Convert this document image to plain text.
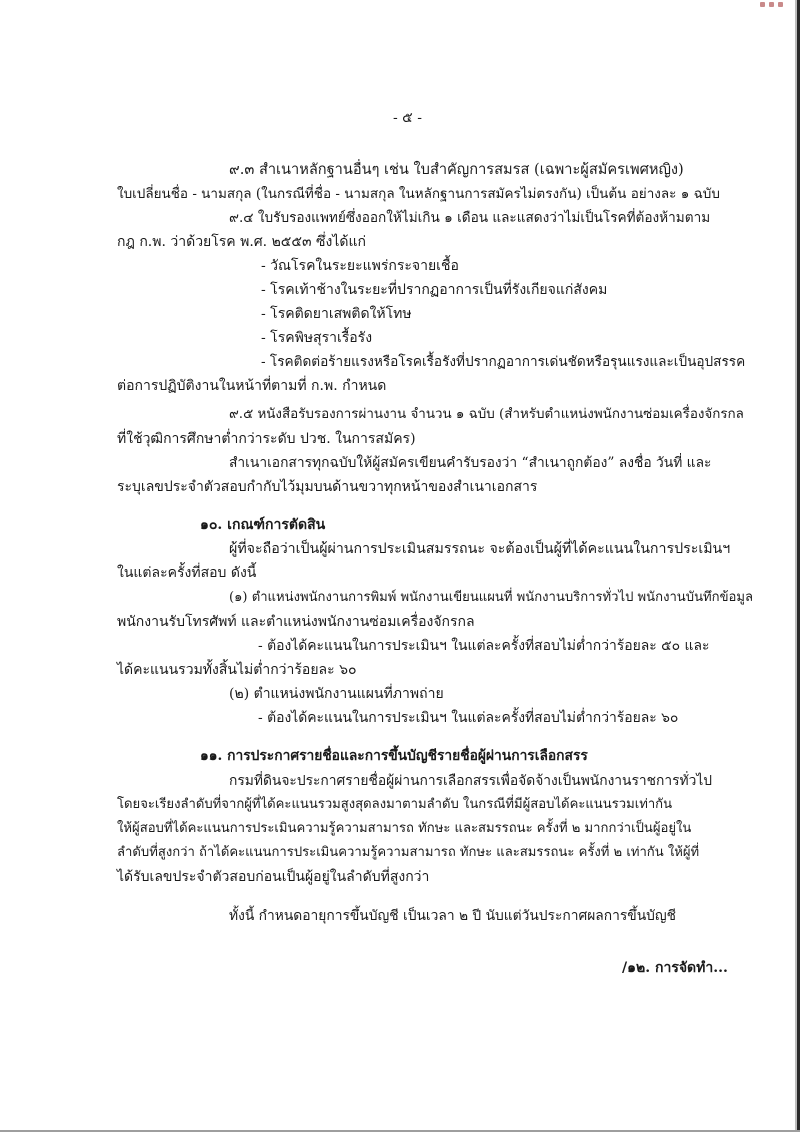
- ๕ -
๙.๓ สำเนาหลักฐานอื่นๆ เช่น ใบสำคัญการสมรส (เฉพาะผู้สมัครเพศหญิง)
ใบเปลี่ยนชื่อ - นามสกุล (ในกรณีที่ชื่อ - นามสกุล ในหลักฐานการสมัครไม่ตรงกัน) เป็นต้น อย่างละ ๑ ฉบับ
๙.๔ ใบรับรองแพทย์ซึ่งออกให้ไม่เกิน ๑ เดือน และแสดงว่าไม่เป็นโรคที่ต้องห้ามตาม
กฎ ก.พ. ว่าด้วยโรค พ.ศ. ๒๕๕๓ ซึ่งได้แก่
- วัณโรคในระยะแพร่กระจายเชื้อ
- โรคเท้าช้างในระยะที่ปรากฏอาการเป็นที่รังเกียจแก่สังคม
- โรคติดยาเสพติดให้โทษ
- โรคพิษสุราเรื้อรัง
- โรคติดต่อร้ายแรงหรือโรคเรื้อรังที่ปรากฏอาการเด่นชัดหรือรุนแรงและเป็นอุปสรรค
ต่อการปฏิบัติงานในหน้าที่ตามที่ ก.พ. กำหนด
๙.๕ หนังสือรับรองการผ่านงาน จำนวน ๑ ฉบับ (สำหรับตำแหน่งพนักงานซ่อมเครื่องจักรกล
ที่ใช้วุฒิการศึกษาต่ำกว่าระดับ ปวช. ในการสมัคร)
สำเนาเอกสารทุกฉบับให้ผู้สมัครเขียนคำรับรองว่า “สำเนาถูกต้อง” ลงชื่อ วันที่ และ
ระบุเลขประจำตัวสอบกำกับไว้มุมบนด้านขวาทุกหน้าของสำเนาเอกสาร
๑๐. เกณฑ์การตัดสิน
ผู้ที่จะถือว่าเป็นผู้ผ่านการประเมินสมรรถนะ จะต้องเป็นผู้ที่ได้คะแนนในการประเมินฯ
ในแต่ละครั้งที่สอบ ดังนี้
(๑) ตำแหน่งพนักงานการพิมพ์ พนักงานเขียนแผนที่ พนักงานบริการทั่วไป พนักงานบันทึกข้อมูล
พนักงานรับโทรศัพท์ และตำแหน่งพนักงานซ่อมเครื่องจักรกล
- ต้องได้คะแนนในการประเมินฯ ในแต่ละครั้งที่สอบไม่ต่ำกว่าร้อยละ ๕๐ และ
ได้คะแนนรวมทั้งสิ้นไม่ต่ำกว่าร้อยละ ๖๐
(๒) ตำแหน่งพนักงานแผนที่ภาพถ่าย
- ต้องได้คะแนนในการประเมินฯ ในแต่ละครั้งที่สอบไม่ต่ำกว่าร้อยละ ๖๐
๑๑. การประกาศรายชื่อและการขึ้นบัญชีรายชื่อผู้ผ่านการเลือกสรร
กรมที่ดินจะประกาศรายชื่อผู้ผ่านการเลือกสรรเพื่อจัดจ้างเป็นพนักงานราชการทั่วไป
โดยจะเรียงลำดับที่จากผู้ที่ได้คะแนนรวมสูงสุดลงมาตามลำดับ ในกรณีที่มีผู้สอบได้คะแนนรวมเท่ากัน
ให้ผู้สอบที่ได้คะแนนการประเมินความรู้ความสามารถ ทักษะ และสมรรถนะ ครั้งที่ ๒ มากกว่าเป็นผู้อยู่ใน
ลำดับที่สูงกว่า ถ้าได้คะแนนการประเมินความรู้ความสามารถ ทักษะ และสมรรถนะ ครั้งที่ ๒ เท่ากัน ให้ผู้ที่
ได้รับเลขประจำตัวสอบก่อนเป็นผู้อยู่ในลำดับที่สูงกว่า
ทั้งนี้ กำหนดอายุการขึ้นบัญชี เป็นเวลา ๒ ปี นับแต่วันประกาศผลการขึ้นบัญชี
/๑๒. การจัดทำ...
